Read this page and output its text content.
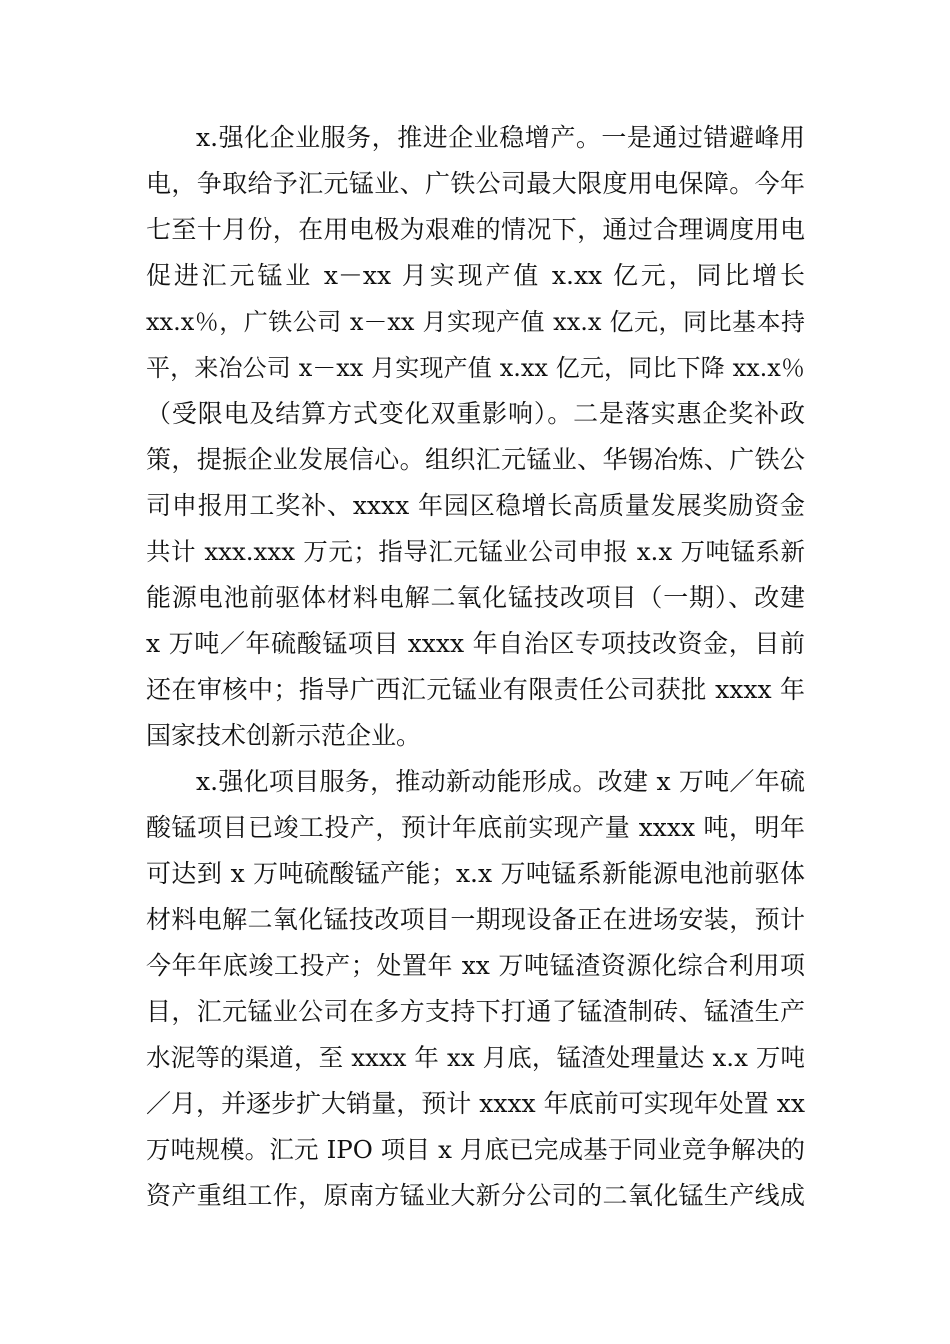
x.强化企业服务，推进企业稳增产。一是通过错避峰用
电，争取给予汇元锰业、广铁公司最大限度用电保障。今年
七至十月份，在用电极为艰难的情况下，通过合理调度用电
促进汇元锰业 x－xx 月实现产值 x.xx 亿元，同比增长
xx.x％，广铁公司 x－xx 月实现产值 xx.x 亿元，同比基本持
平，来冶公司 x－xx 月实现产值 x.xx 亿元，同比下降 xx.x％
（受限电及结算方式变化双重影响）。二是落实惠企奖补政
策，提振企业发展信心。组织汇元锰业、华锡冶炼、广铁公
司申报用工奖补、xxxx 年园区稳增长高质量发展奖励资金
共计 xxx.xxx 万元；指导汇元锰业公司申报 x.x 万吨锰系新
能源电池前驱体材料电解二氧化锰技改项目（一期）、改建
x 万吨／年硫酸锰项目 xxxx 年自治区专项技改资金，目前
还在审核中；指导广西汇元锰业有限责任公司获批 xxxx 年
国家技术创新示范企业。
x.强化项目服务，推动新动能形成。改建 x 万吨／年硫
酸锰项目已竣工投产，预计年底前实现产量 xxxx 吨，明年
可达到 x 万吨硫酸锰产能；x.x 万吨锰系新能源电池前驱体
材料电解二氧化锰技改项目一期现设备正在进场安装，预计
今年年底竣工投产；处置年 xx 万吨锰渣资源化综合利用项
目，汇元锰业公司在多方支持下打通了锰渣制砖、锰渣生产
水泥等的渠道，至 xxxx 年 xx 月底，锰渣处理量达 x.x 万吨
／月，并逐步扩大销量，预计 xxxx 年底前可实现年处置 xx
万吨规模。汇元 IPO 项目 x 月底已完成基于同业竞争解决的
资产重组工作，原南方锰业大新分公司的二氧化锰生产线成
